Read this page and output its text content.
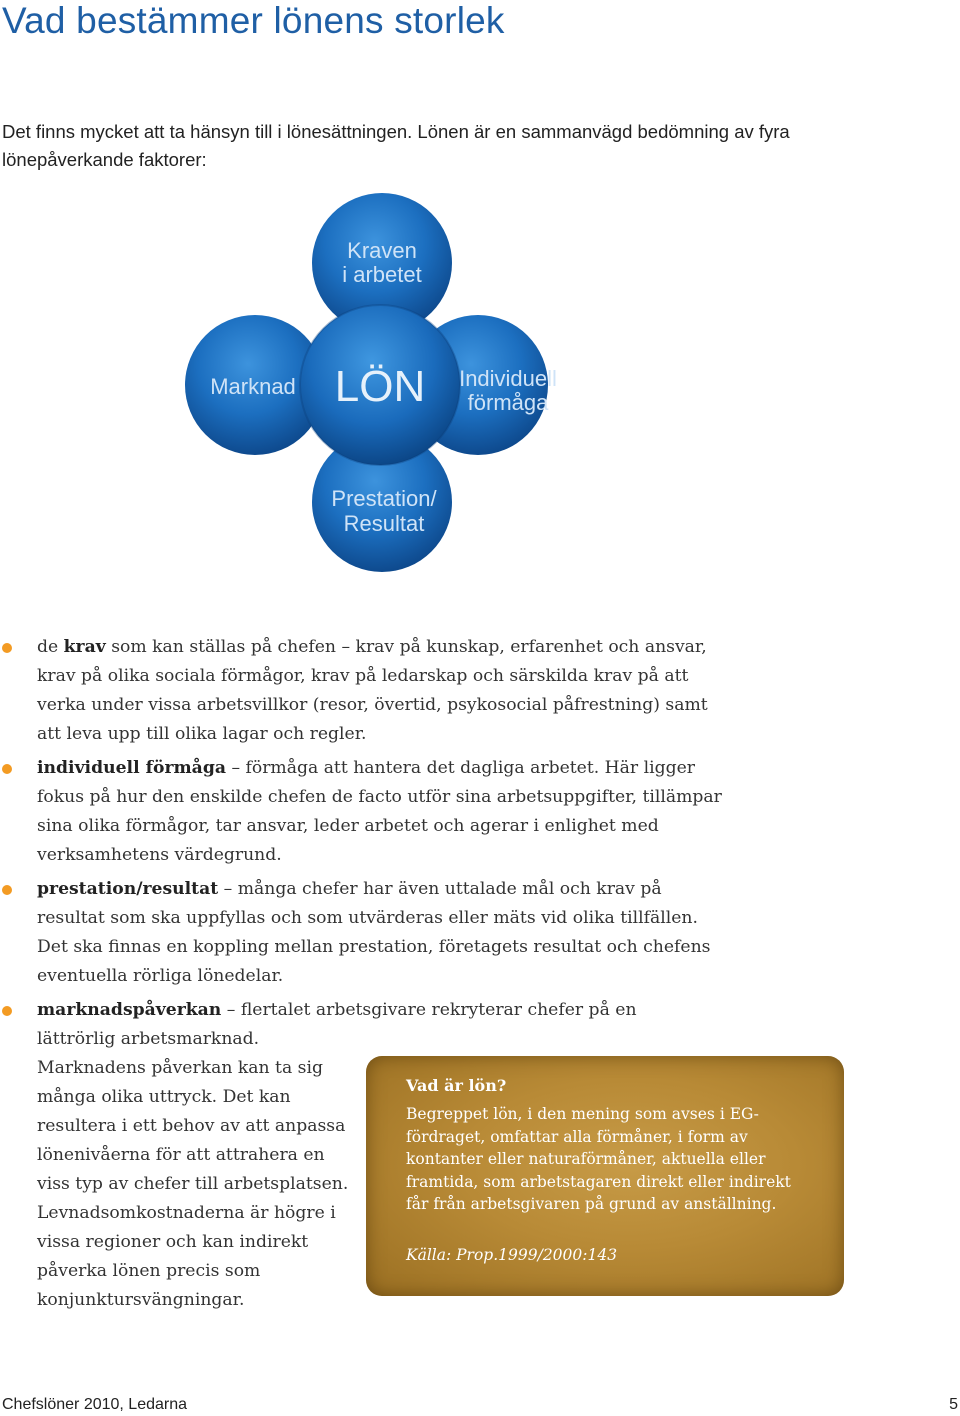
Vad bestämmer lönens storlek
Det finns mycket att ta hänsyn till i lönesättningen. Lönen är en sammanvägd bedömning av fyra lönepåverkande faktorer:
Kraven
i arbetet
Marknad	Individuell
förmåga
Prestation/
Resultat
LÖN
de krav som kan ställas på chefen – krav på kunskap, erfarenhet och ansvar, krav på olika sociala förmågor, krav på ledarskap och särskilda krav på att verka under vissa arbetsvillkor (resor, övertid, psykosocial påfrestning) samt att leva upp till olika lagar och regler.
individuell förmåga – förmåga att hantera det dagliga arbetet. Här ligger fokus på hur den enskilde chefen de facto utför sina arbetsuppgifter, tillämpar sina olika förmågor, tar ansvar, leder arbetet och agerar i enlighet med verksamhetens värdegrund.
prestation/resultat – många chefer har även uttalade mål och krav på resultat som ska uppfyllas och som utvärderas eller mäts vid olika tillfällen. Det ska finnas en koppling mellan prestation, företagets resultat och chefens eventuella rörliga lönedelar.
marknadspåverkan – flertalet arbetsgivare rekryterar chefer på en
lättrörlig arbetsmarknad. Marknadens påverkan kan ta sig många olika uttryck. Det kan resultera i ett behov av att anpassa lönenivåerna för att attrahera en viss typ av chefer till arbetsplatsen. Levnadsomkostnaderna är högre i vissa regioner och kan indirekt påverka lönen precis som konjunktursvängningar.
Vad är lön?
Begreppet lön, i den mening som avses i EG-fördraget, omfattar alla förmåner, i form av kontanter eller naturaförmåner, aktuella eller framtida, som arbetstagaren direkt eller indirekt får från arbetsgivaren på grund av anställning.
Källa: Prop.1999/2000:143
Chefslöner 2010, Ledarna	5
